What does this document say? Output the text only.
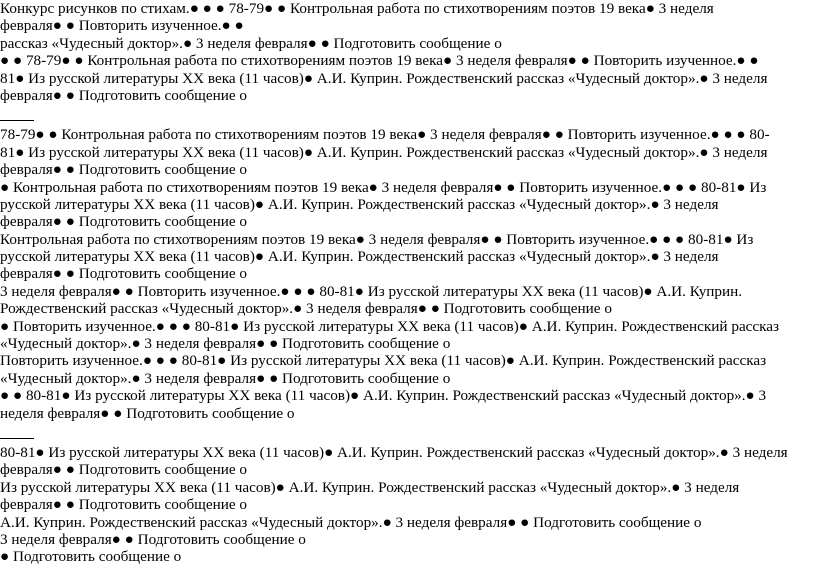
Конкурс рисунков по стихам.● ● ● 78-79● ● Контрольная работа по стихотворениям поэтов 19 века● 3 неделя
февраля● ● Повторить изученное.● ●
рассказ «Чудесный доктор».● 3 неделя февраля● ● Подготовить сообщение о
● ● 78-79● ● Контрольная работа по стихотворениям поэтов 19 века● 3 неделя февраля● ● Повторить изученное.● ●
81● Из русской литературы XX века (11 часов)● А.И. Куприн. Рождественский рассказ «Чудесный доктор».● 3 неделя
февраля● ● Подготовить сообщение о
78-79● ● Контрольная работа по стихотворениям поэтов 19 века● 3 неделя февраля● ● Повторить изученное.● ● ● 80-
81● Из русской литературы XX века (11 часов)● А.И. Куприн. Рождественский рассказ «Чудесный доктор».● 3 неделя
февраля● ● Подготовить сообщение о
● Контрольная работа по стихотворениям поэтов 19 века● 3 неделя февраля● ● Повторить изученное.● ● ● 80-81● Из
русской литературы XX века (11 часов)● А.И. Куприн. Рождественский рассказ «Чудесный доктор».● 3 неделя
февраля● ● Подготовить сообщение о
Контрольная работа по стихотворениям поэтов 19 века● 3 неделя февраля● ● Повторить изученное.● ● ● 80-81● Из
русской литературы XX века (11 часов)● А.И. Куприн. Рождественский рассказ «Чудесный доктор».● 3 неделя
февраля● ● Подготовить сообщение о
3 неделя февраля● ● Повторить изученное.● ● ● 80-81● Из русской литературы XX века (11 часов)● А.И. Куприн.
Рождественский рассказ «Чудесный доктор».● 3 неделя февраля● ● Подготовить сообщение о
● Повторить изученное.● ● ● 80-81● Из русской литературы XX века (11 часов)● А.И. Куприн. Рождественский рассказ
«Чудесный доктор».● 3 неделя февраля● ● Подготовить сообщение о
Повторить изученное.● ● ● 80-81● Из русской литературы XX века (11 часов)● А.И. Куприн. Рождественский рассказ
«Чудесный доктор».● 3 неделя февраля● ● Подготовить сообщение о
● ● 80-81● Из русской литературы XX века (11 часов)● А.И. Куприн. Рождественский рассказ «Чудесный доктор».● 3
неделя февраля● ● Подготовить сообщение о
80-81● Из русской литературы XX века (11 часов)● А.И. Куприн. Рождественский рассказ «Чудесный доктор».● 3 неделя
февраля● ● Подготовить сообщение о
Из русской литературы XX века (11 часов)● А.И. Куприн. Рождественский рассказ «Чудесный доктор».● 3 неделя
февраля● ● Подготовить сообщение о
А.И. Куприн. Рождественский рассказ «Чудесный доктор».● 3 неделя февраля● ● Подготовить сообщение о
3 неделя февраля● ● Подготовить сообщение о
● Подготовить сообщение о
